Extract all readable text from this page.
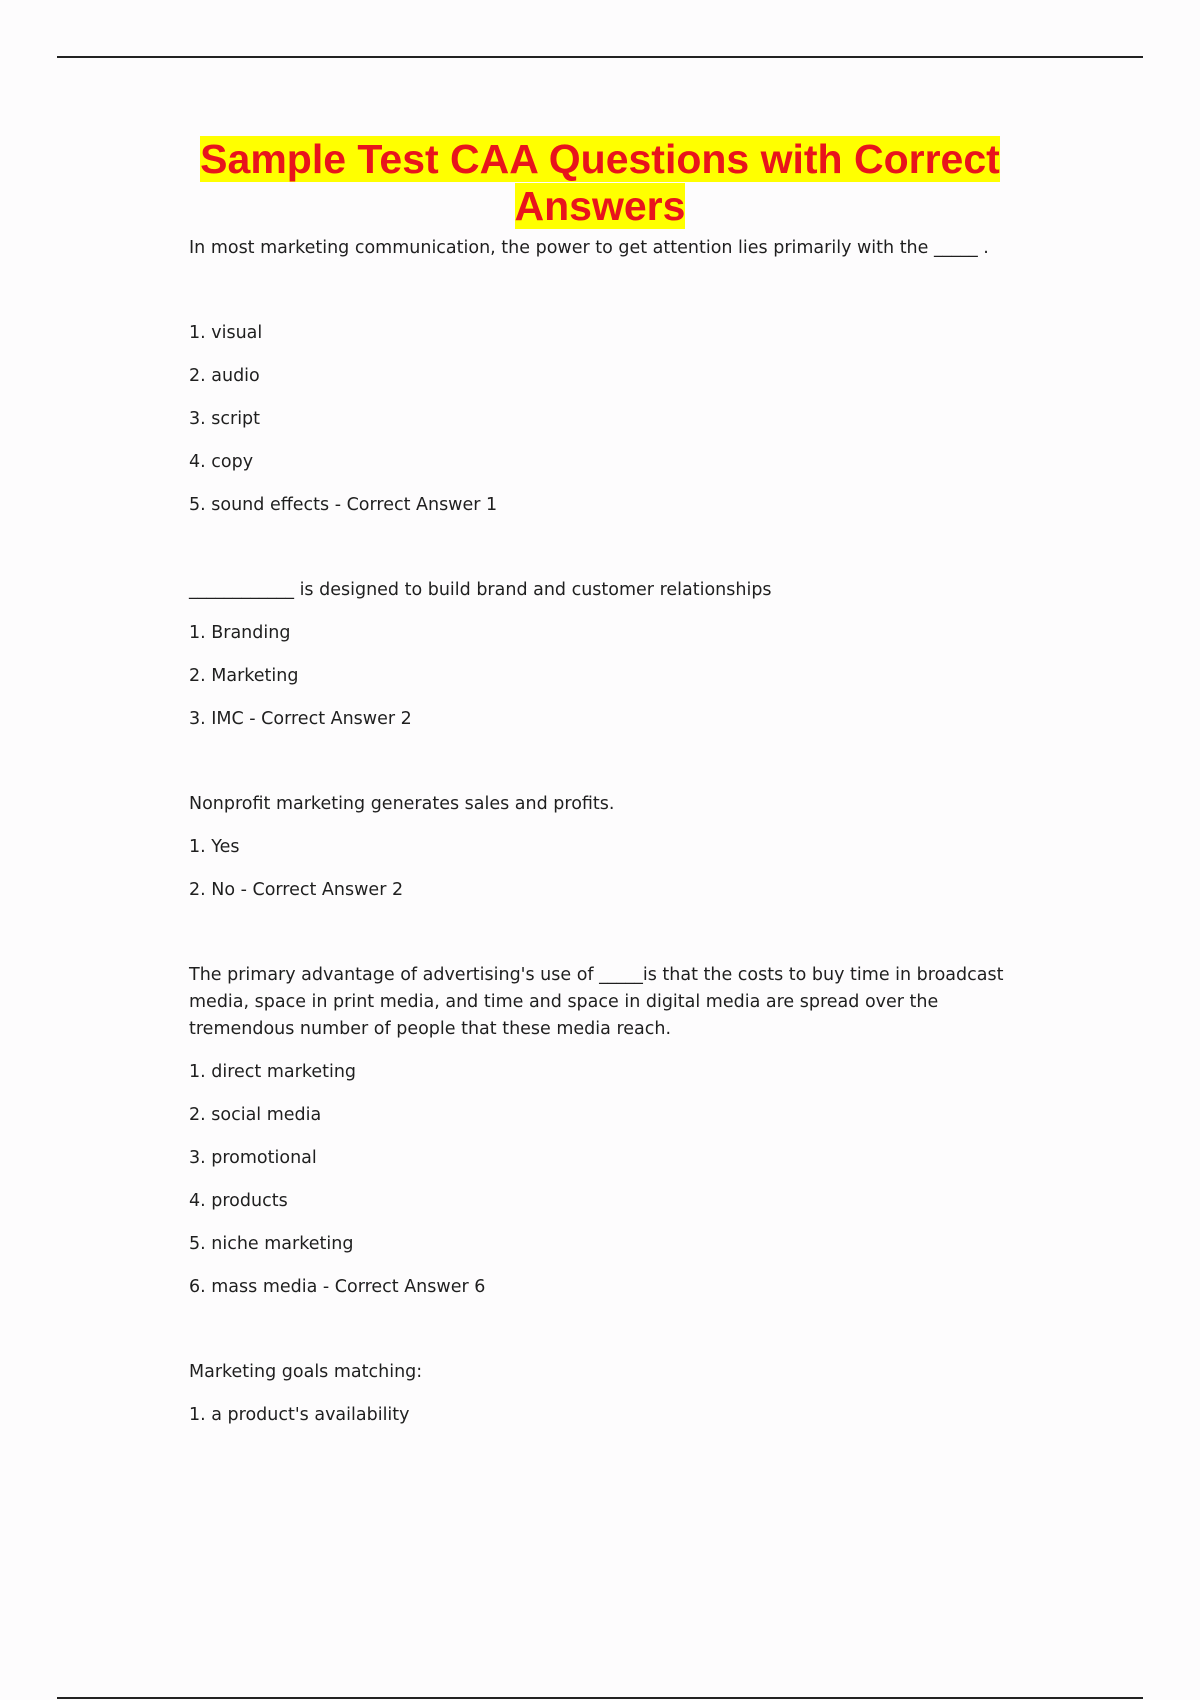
Sample Test CAA Questions with Correct
Answers

In most marketing communication, the power to get attention lies primarily with the _____ .

1. visual

2. audio

3. script

4. copy

5. sound effects - Correct Answer 1

____________ is designed to build brand and customer relationships

1. Branding

2. Marketing

3. IMC - Correct Answer 2

Nonprofit marketing generates sales and profits.

1. Yes

2. No - Correct Answer 2

The primary advantage of advertising's use of _____is that the costs to buy time in broadcast media, space in print media, and time and space in digital media are spread over the tremendous number of people that these media reach.

1. direct marketing

2. social media

3. promotional

4. products

5. niche marketing

6. mass media - Correct Answer 6

Marketing goals matching:

1. a product's availability
